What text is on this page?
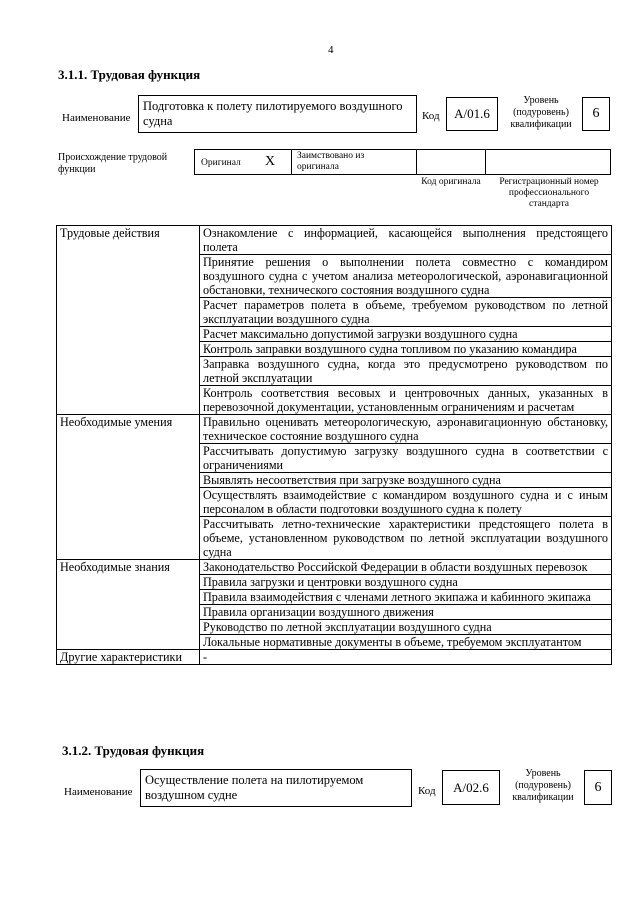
4
3.1.1. Трудовая функция
Наименование
Подготовка к полету пилотируемого воздушного судна	Код	A/01.6
Уровень (подуровень) квалификации
6
Происхождение трудовой функции
Оригинал X Заимствовано из оригинала
Код оригинала	Регистрационный номер профессионального стандарта
Трудовые действия	Ознакомление с информацией, касающейся выполнения предстоящего полета
	Принятие решения о выполнении полета совместно с командиром воздушного судна с учетом анализа метеорологической, аэронавигационной обстановки, технического состояния воздушного судна
	Расчет параметров полета в объеме, требуемом руководством по летной эксплуатации воздушного судна
	Расчет максимально допустимой загрузки воздушного судна
	Контроль заправки воздушного судна топливом по указанию командира
	Заправка воздушного судна, когда это предусмотрено руководством по летной эксплуатации
	Контроль соответствия весовых и центровочных данных, указанных в перевозочной документации, установленным ограничениям и расчетам
Необходимые умения	Правильно оценивать метеорологическую, аэронавигационную обстановку, техническое состояние воздушного судна
	Рассчитывать допустимую загрузку воздушного судна в соответствии с ограничениями
	Выявлять несоответствия при загрузке воздушного судна
	Осуществлять взаимодействие с командиром воздушного судна и с иным персоналом в области подготовки воздушного судна к полету
	Рассчитывать летно-технические характеристики предстоящего полета в объеме, установленном руководством по летной эксплуатации воздушного судна
Необходимые знания	Законодательство Российской Федерации в области воздушных перевозок
	Правила загрузки и центровки воздушного судна
	Правила взаимодействия с членами летного экипажа и кабинного экипажа
	Правила организации воздушного движения
	Руководство по летной эксплуатации воздушного судна
	Локальные нормативные документы в объеме, требуемом эксплуатантом
Другие характеристики	-
3.1.2. Трудовая функция
Наименование
Осуществление полета на пилотируемом воздушном судне	Код	A/02.6
Уровень (подуровень) квалификации
6
